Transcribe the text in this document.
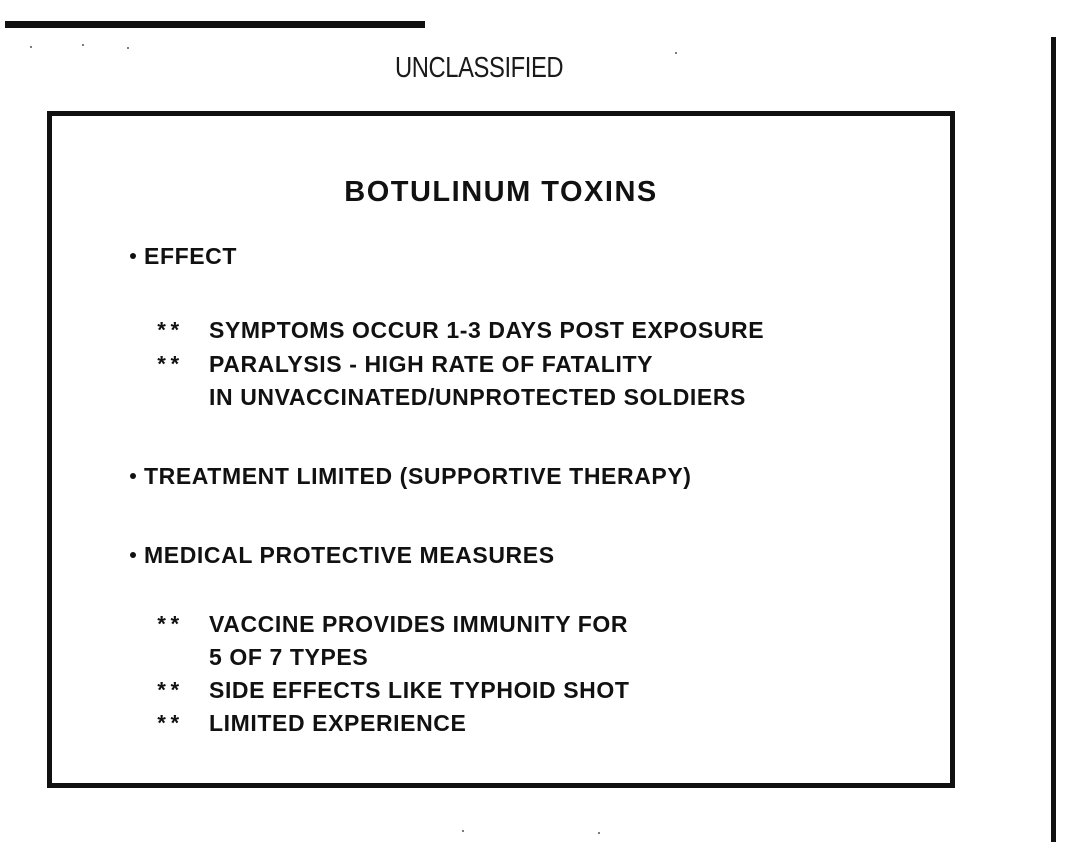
UNCLASSIFIED
BOTULINUM TOXINS
EFFECT
** SYMPTOMS OCCUR 1-3 DAYS POST EXPOSURE
** PARALYSIS - HIGH RATE OF FATALITY
IN UNVACCINATED/UNPROTECTED SOLDIERS
TREATMENT LIMITED (SUPPORTIVE THERAPY)
MEDICAL PROTECTIVE MEASURES
** VACCINE PROVIDES IMMUNITY FOR
5 OF 7 TYPES
** SIDE EFFECTS LIKE TYPHOID SHOT
** LIMITED EXPERIENCE
